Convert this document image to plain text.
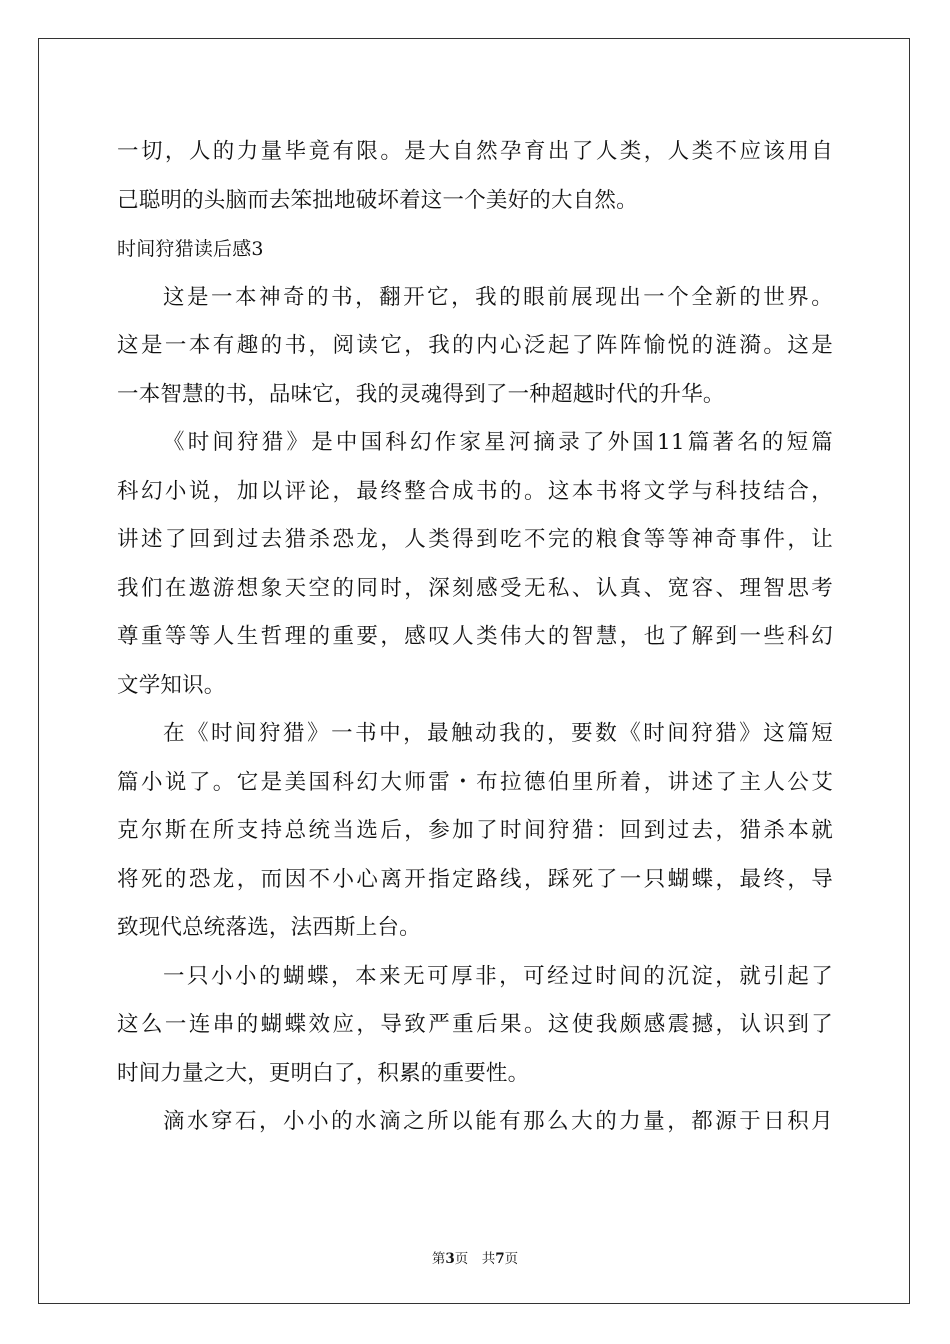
一切，人的力量毕竟有限。是大自然孕育出了人类，人类不应该用自
己聪明的头脑而去笨拙地破坏着这一个美好的大自然。
时间狩猎读后感3
这是一本神奇的书，翻开它，我的眼前展现出一个全新的世界。
这是一本有趣的书，阅读它，我的内心泛起了阵阵愉悦的涟漪。这是
一本智慧的书，品味它，我的灵魂得到了一种超越时代的升华。
《时间狩猎》是中国科幻作家星河摘录了外国11篇著名的短篇
科幻小说，加以评论，最终整合成书的。这本书将文学与科技结合，
讲述了回到过去猎杀恐龙，人类得到吃不完的粮食等等神奇事件，让
我们在遨游想象天空的同时，深刻感受无私、认真、宽容、理智思考
尊重等等人生哲理的重要，感叹人类伟大的智慧，也了解到一些科幻
文学知识。
在《时间狩猎》一书中，最触动我的，要数《时间狩猎》这篇短
篇小说了。它是美国科幻大师雷・布拉德伯里所着，讲述了主人公艾
克尔斯在所支持总统当选后，参加了时间狩猎：回到过去，猎杀本就
将死的恐龙，而因不小心离开指定路线，踩死了一只蝴蝶，最终，导
致现代总统落选，法西斯上台。
一只小小的蝴蝶，本来无可厚非，可经过时间的沉淀，就引起了
这么一连串的蝴蝶效应，导致严重后果。这使我颇感震撼，认识到了
时间力量之大，更明白了，积累的重要性。
滴水穿石，小小的水滴之所以能有那么大的力量，都源于日积月
第3页　共7页
